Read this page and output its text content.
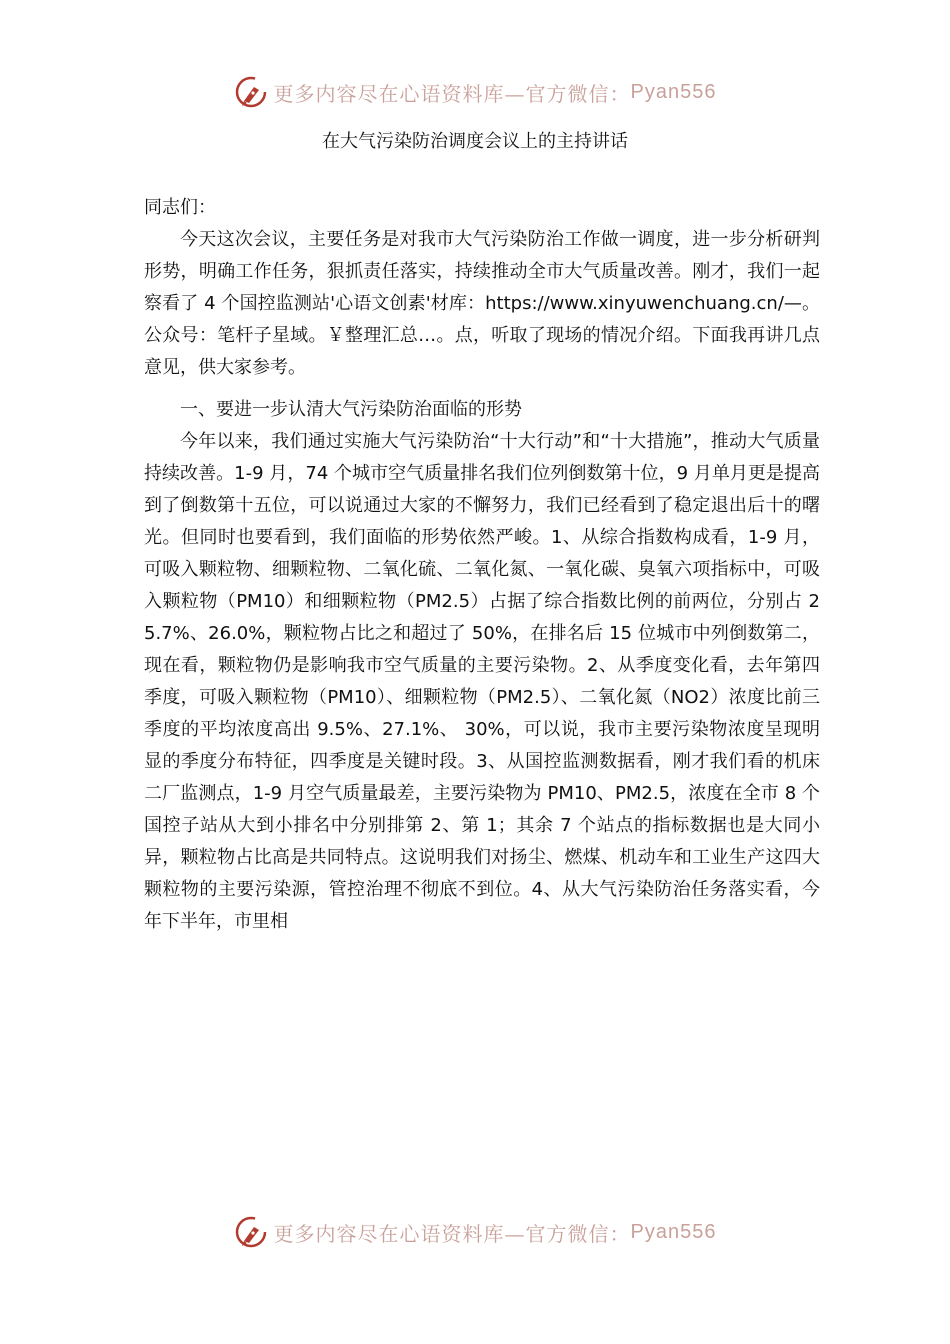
更多内容尽在心语资料库—官方微信： Pyan556
在大气污染防治调度会议上的主持讲话

同志们：

今天这次会议，主要任务是对我市大气污染防治工作做一调度，进一步分析研判形势，明确工作任务，狠抓责任落实，持续推动全市大气质量改善。刚才，我们一起察看了 4 个国控监测站'心语文创素'材库：https://www.xinyuwenchuang.cn/—。公众号：笔杆子星域。￥整理汇总…。点，听取了现场的情况介绍。下面我再讲几点意见，供大家参考。

一、要进一步认清大气污染防治面临的形势

今年以来，我们通过实施大气污染防治“十大行动”和“十大措施”，推动大气质量持续改善。1-9 月，74 个城市空气质量排名我们位列倒数第十位，9 月单月更是提高到了倒数第十五位，可以说通过大家的不懈努力，我们已经看到了稳定退出后十的曙光。但同时也要看到，我们面临的形势依然严峻。1、从综合指数构成看，1-9 月，可吸入颗粒物、细颗粒物、二氧化硫、二氧化氮、一氧化碳、臭氧六项指标中，可吸入颗粒物（PM10）和细颗粒物（PM2.5）占据了综合指数比例的前两位，分别占 25.7%、26.0%，颗粒物占比之和超过了 50%，在排名后 15 位城市中列倒数第二，现在看，颗粒物仍是影响我市空气质量的主要污染物。2、从季度变化看，去年第四季度，可吸入颗粒物（PM10）、细颗粒物（PM2.5）、二氧化氮（NO2）浓度比前三季度的平均浓度高出 9.5%、27.1%、 30%，可以说，我市主要污染物浓度呈现明显的季度分布特征，四季度是关键时段。3、从国控监测数据看，刚才我们看的机床二厂监测点，1-9 月空气质量最差，主要污染物为 PM10、PM2.5，浓度在全市 8 个国控子站从大到小排名中分别排第 2、第 1；其余 7 个站点的指标数据也是大同小异，颗粒物占比高是共同特点。这说明我们对扬尘、燃煤、机动车和工业生产这四大颗粒物的主要污染源，管控治理不彻底不到位。4、从大气污染防治任务落实看，今年下半年，市里相

更多内容尽在心语资料库—官方微信： Pyan556
